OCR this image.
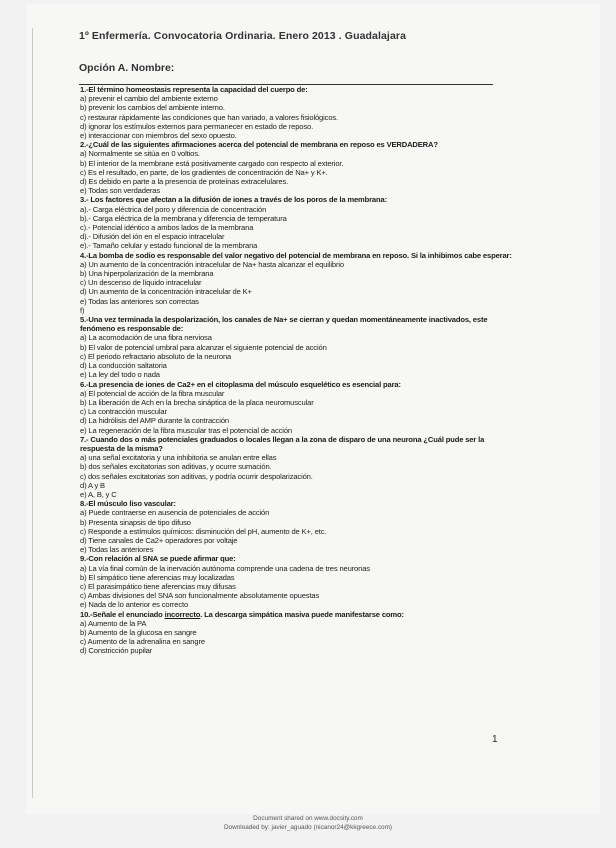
1º Enfermería. Convocatoria Ordinaria. Enero 2013 . Guadalajara
Opción A. Nombre:
1.-El término homeostasis representa la capacidad del cuerpo de:
a) prevenir el cambio del ambiente externo
b) prevenir los cambios del ambiente interno.
c) restaurar rápidamente las condiciones que han variado, a valores fisiológicos.
d) ignorar los estímulos externos para permanecer en estado de reposo.
e) interaccionar con miembros del sexo opuesto.
2.-¿Cuál de las siguientes afirmaciones acerca del potencial de membrana en reposo es VERDADERA?
a) Normalmente se sitúa en 0 voltios.
b) El interior de la membrane está positivamente cargado con respecto al exterior.
c) Es el resultado, en parte, de los gradientes de concentración de Na+ y K+.
d) Es debido en parte a la presencia de proteínas extracelulares.
e) Todas son verdaderas
3.- Los factores que afectan a la difusión de iones a través de los poros de la membrana:
a).- Carga eléctrica del poro y diferencia de concentración
b).- Carga eléctrica de la membrana y diferencia de temperatura
c).- Potencial idéntico a ambos lados de la membrana
d).- Difusión del ión en el espacio intracelular
e).- Tamaño celular y estado funcional de la membrana
4.-La bomba de sodio es responsable del valor negativo del potencial de membrana en reposo. Si la inhibimos cabe esperar:
a) Un aumento de la concentración intracelular de Na+ hasta alcanzar el equilibrio
b) Una hiperpolarización de la membrana
c) Un descenso de líquido intracelular
d) Un aumento de la concentración intracelular de K+
e) Todas las anteriores son correctas
f)
5.-Una vez terminada la despolarización, los canales de Na+ se cierran y quedan momentáneamente inactivados, este fenómeno es responsable de:
a) La acomodación de una fibra nerviosa
b) El valor de potencial umbral para alcanzar el siguiente potencial de acción
c) El periodo refractario absoluto de la neurona
d) La conducción saltatoria
e) La ley del todo o nada
6.-La presencia de iones de Ca2+ en el citoplasma del músculo esquelético es esencial para:
a) El potencial de acción de la fibra muscular
b) La liberación de Ach en la brecha sináptica de la placa neuromuscular
c) La contracción muscular
d) La hidrólisis del AMP durante la contracción
e) La regeneración de la fibra muscular tras el potencial de acción
7.- Cuando dos o más potenciales graduados o locales llegan a la zona de disparo de una neurona ¿Cuál pude ser la respuesta de la misma?
a) una señal excitatoria y una inhibitoria se anulan entre ellas
b) dos señales excitatorias son aditivas, y ocurre sumación.
c) dos señales excitatorias son aditivas, y podría ocurrir despolarización.
d) A y B
e) A, B, y C
8.-El músculo liso vascular:
a) Puede contraerse en ausencia de potenciales de acción
b) Presenta sinapsis de tipo difuso
c) Responde a estímulos químicos: disminución del pH, aumento de K+, etc.
d) Tiene canales de Ca2+ operadores por voltaje
e) Todas las anteriores
9.-Con relación al SNA se puede afirmar que:
a) La vía final común de la inervación autónoma comprende una cadena de tres neuronas
b) El simpático tiene aferencias muy localizadas
c) El parasimpático tiene aferencias muy difusas
c) Ambas divisiones del SNA son funcionalmente absolutamente opuestas
e) Nada de lo anterior es correcto
10.-Señale el enunciado incorrecto. La descarga simpática masiva puede manifestarse como:
a) Aumento de la PA
b) Aumento de la glucosa en sangre
c) Aumento de la adrenalina en sangre
d) Constricción pupilar
1
Document shared on www.docsity.com
Downloaded by: javier_aguado (nicanor24@kkgreece.com)
